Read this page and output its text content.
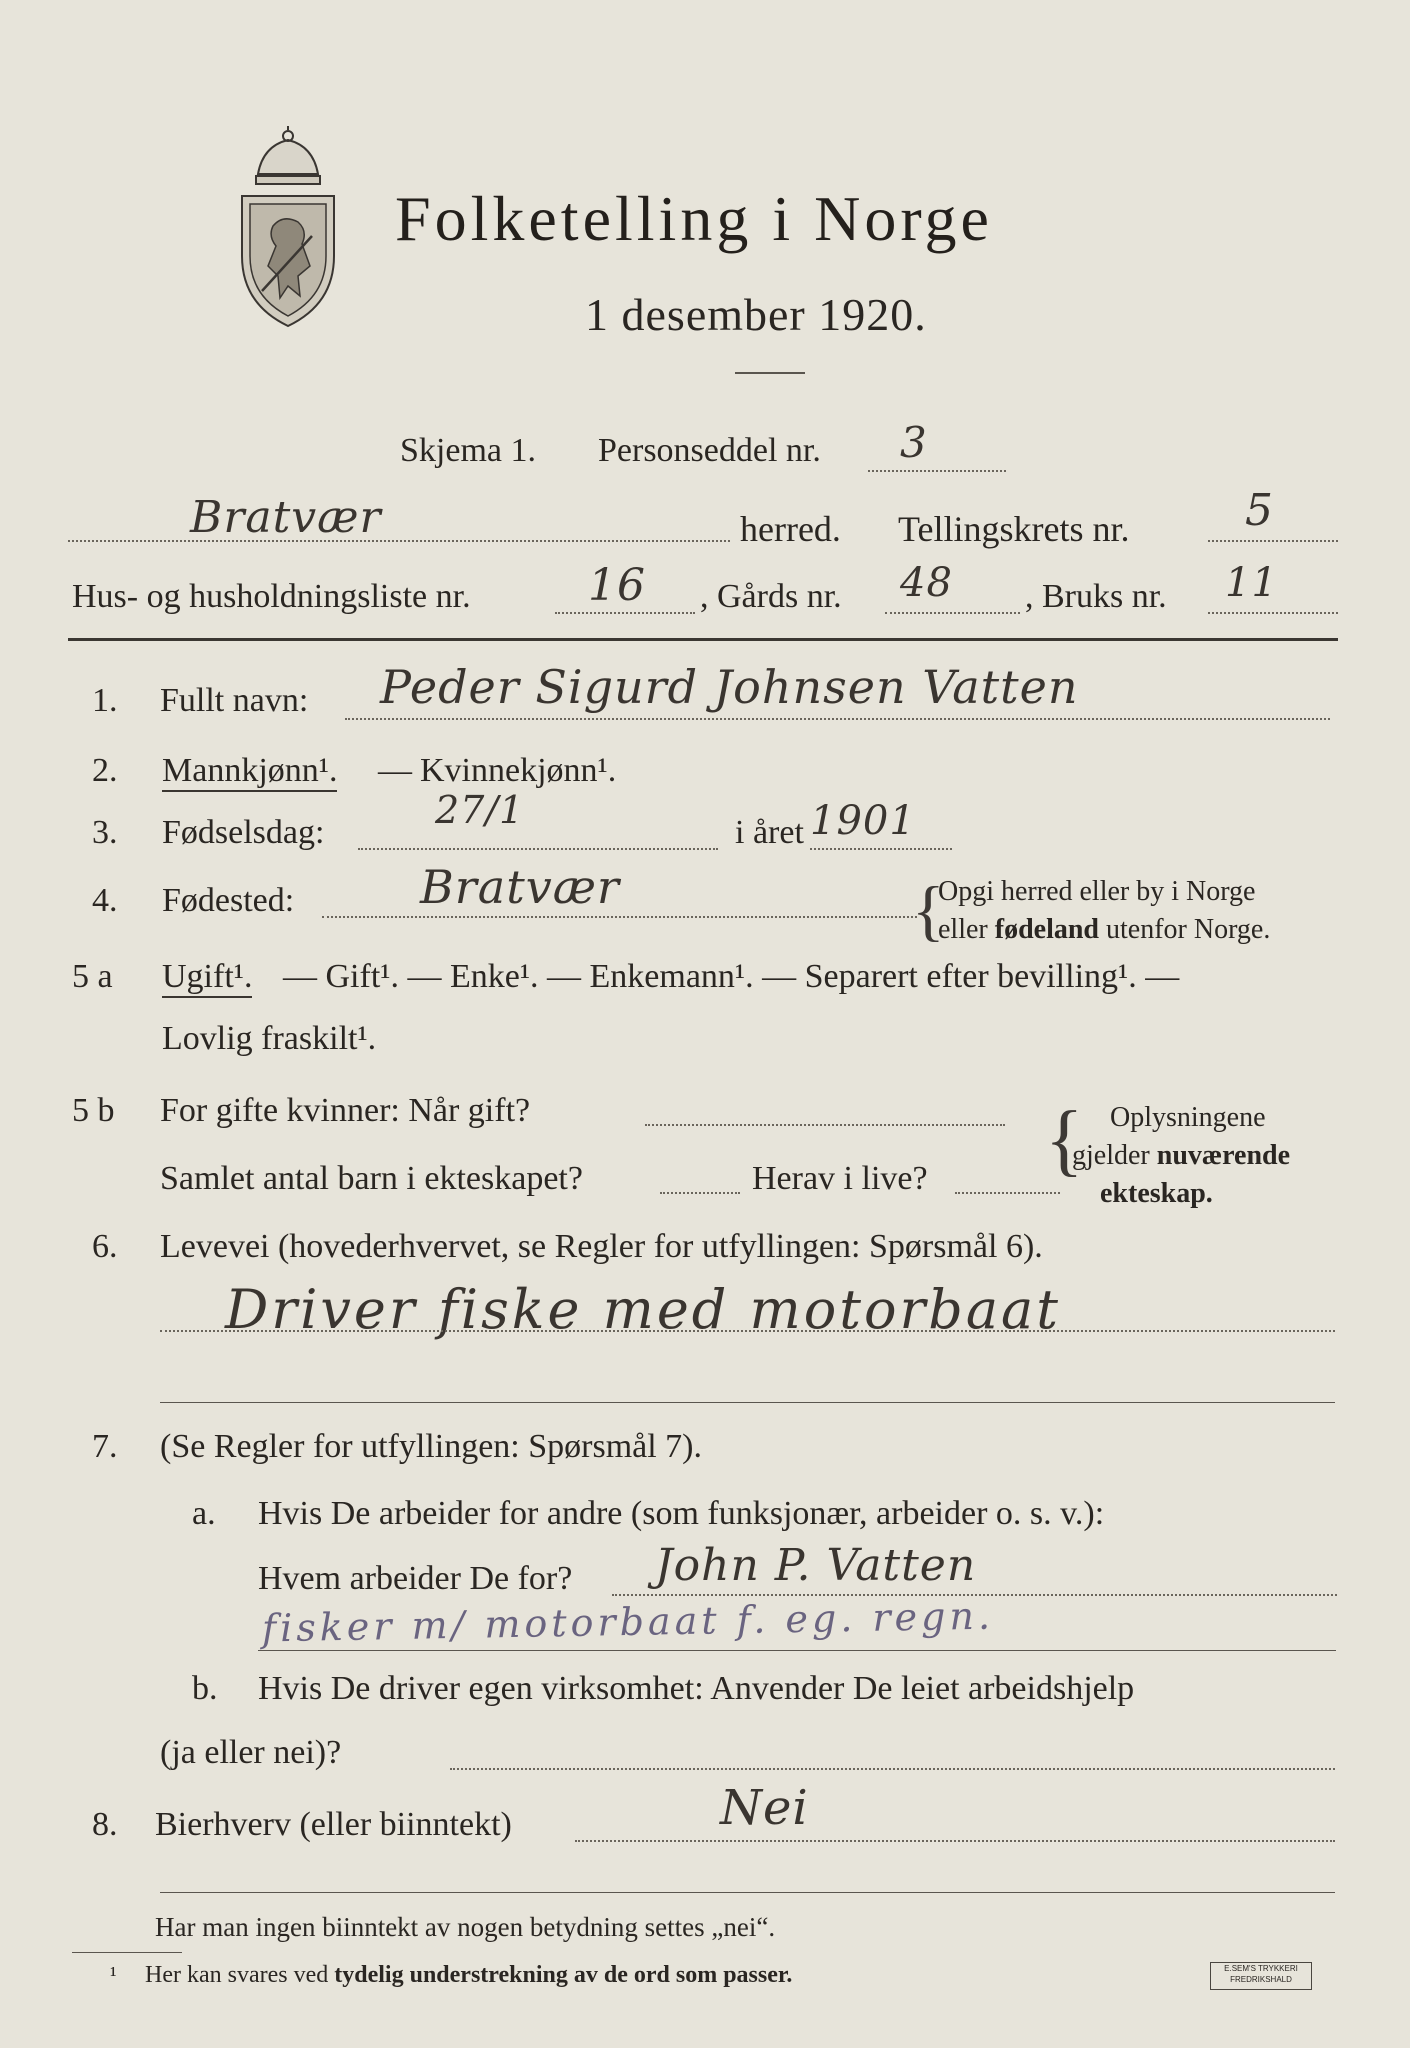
Folketelling i Norge
1 desember 1920.
Skjema 1. Personseddel nr. 3
Bratvær	herred. Tellingskrets nr.	5
Hus- og husholdningsliste nr.	16 , Gårds nr. 48 , Bruks nr. 11
1. Fullt navn: Peder Sigurd Johnsen Vatten
2. Mannkjønn¹. — Kvinnekjønn¹.
3. Fødselsdag:
27/1
i året 1901
4. Fødested:	Bratvær	{
Opgi herred eller by i Norge
eller fødeland utenfor Norge.
5 a Ugift¹. — Gift¹. — Enke¹. — Enkemann¹. — Separert efter bevilling¹. —
Lovlig fraskilt¹.
5 b For gifte kvinner: Når gift?
Samlet antal barn i ekteskapet?	Herav i live? { Oplysningene
gjelder nuværende
ekteskap.
6. Levevei (hovederhvervet, se Regler for utfyllingen: Spørsmål 6).
Driver fiske med motorbaat
7. (Se Regler for utfyllingen: Spørsmål 7).
a. Hvis De arbeider for andre (som funksjonær, arbeider o. s. v.):
Hvem arbeider De for? John P. Vatten
fisker m/ motorbaat f. eg. regn.
b. Hvis De driver egen virksomhet: Anvender De leiet arbeidshjelp
(ja eller nei)?
8. Bierhverv (eller biinntekt)	Nei
Har man ingen biinntekt av nogen betydning settes „nei“.
¹ Her kan svares ved tydelig understrekning av de ord som passer.	E.SEM'S TRYKKERI
FREDRIKSHALD
